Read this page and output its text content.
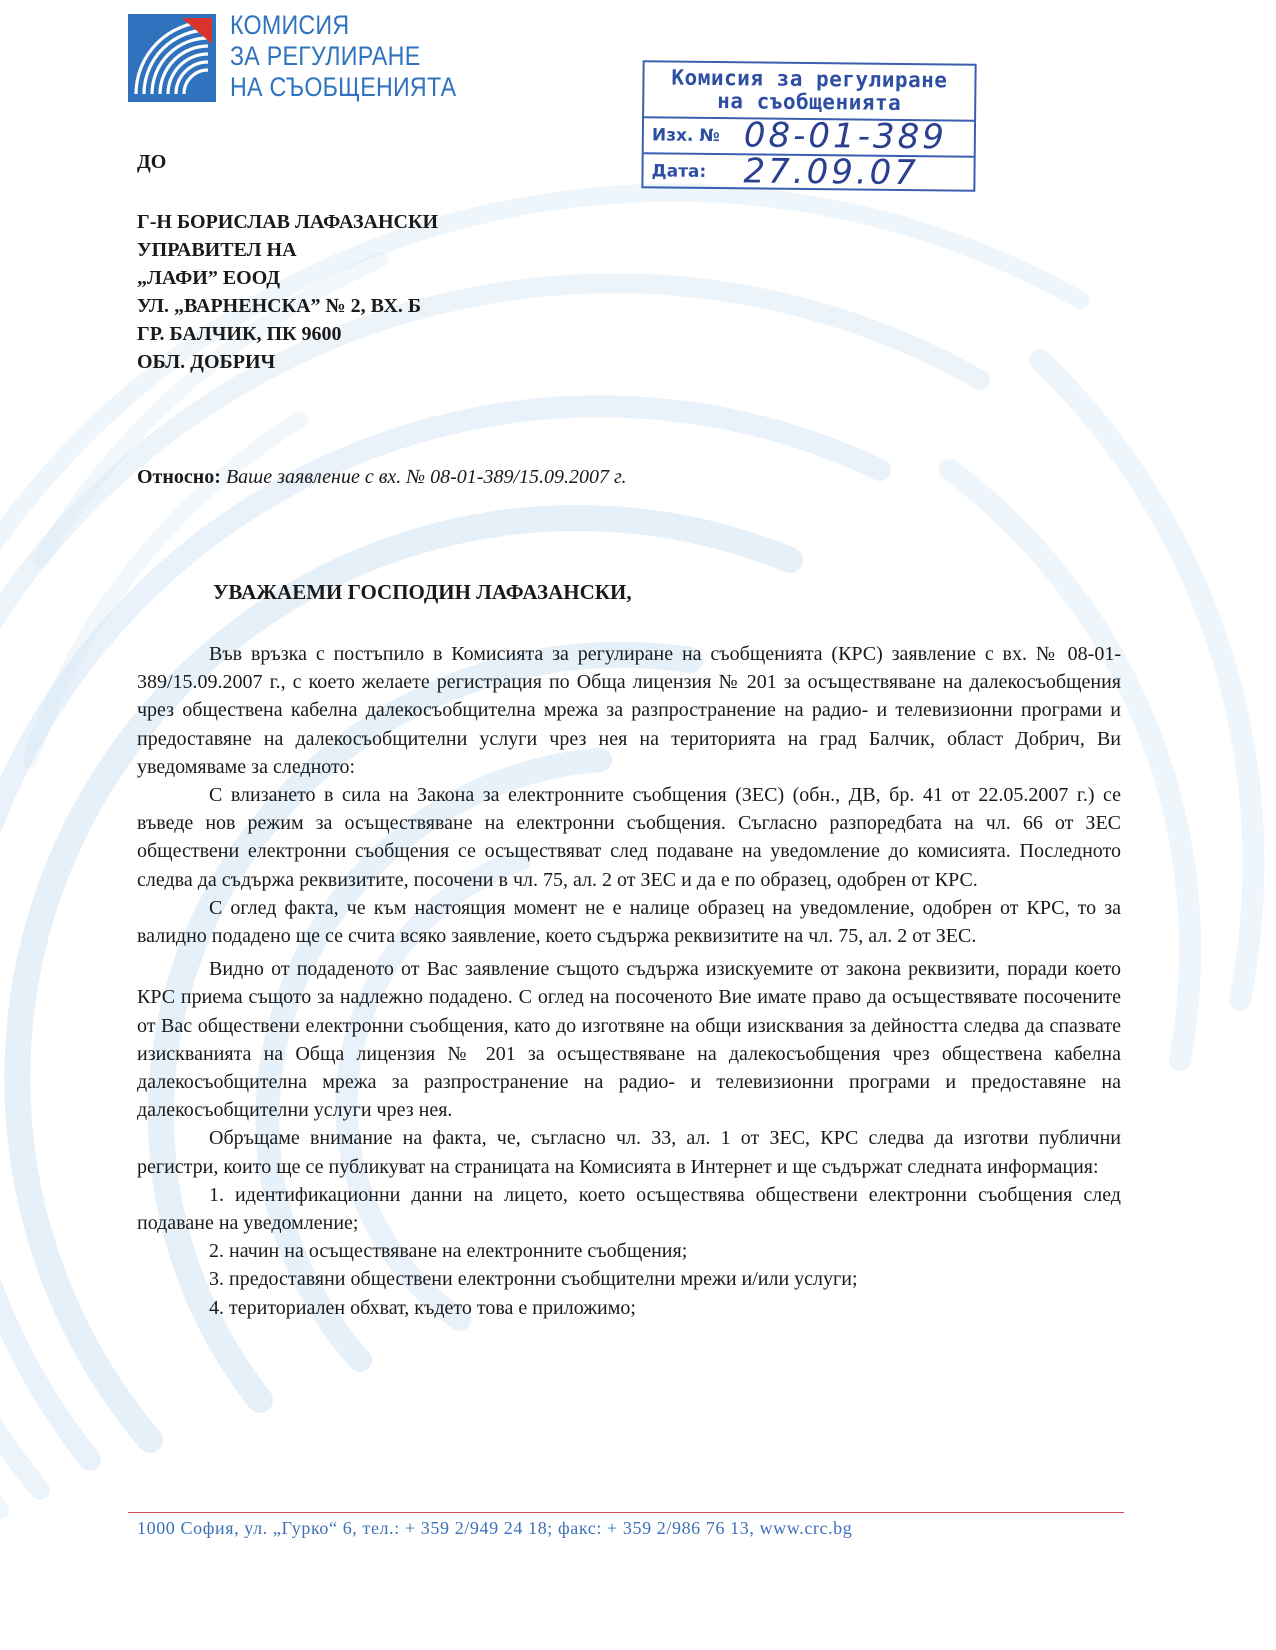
КОМИСИЯ
ЗА РЕГУЛИРАНЕ
НА СЪОБЩЕНИЯТА	Комисия за регулиране
на съобщенията
Изх. № 08-01-389
Дата: 27.09.07
ДО
Г-Н БОРИСЛАВ ЛАФАЗАНСКИ
УПРАВИТЕЛ НА
„ЛАФИ” ЕООД
УЛ. „ВАРНЕНСКА” № 2, ВХ. Б
ГР. БАЛЧИК, ПК 9600
ОБЛ. ДОБРИЧ
Относно: Ваше заявление с вх. № 08-01-389/15.09.2007 г.
УВАЖАЕМИ ГОСПОДИН ЛАФАЗАНСКИ,

Във връзка с постъпило в Комисията за регулиране на съобщенията (КРС) заявление с вх. № 08-01-389/15.09.2007 г., с което желаете регистрация по Обща лицензия № 201 за осъществяване на далекосъобщения чрез обществена кабелна далекосъобщителна мрежа за разпространение на радио- и телевизионни програми и предоставяне на далекосъобщителни услуги чрез нея на територията на град Балчик, област Добрич, Ви уведомяваме за следното:

С влизането в сила на Закона за електронните съобщения (ЗЕС) (обн., ДВ, бр. 41 от 22.05.2007 г.) се въведе нов режим за осъществяване на електронни съобщения. Съгласно разпоредбата на чл. 66 от ЗЕС обществени електронни съобщения се осъществяват след подаване на уведомление до комисията. Последното следва да съдържа реквизитите, посочени в чл. 75, ал. 2 от ЗЕС и да е по образец, одобрен от КРС.

С оглед факта, че към настоящия момент не е налице образец на уведомление, одобрен от КРС, то за валидно подадено ще се счита всяко заявление, което съдържа реквизитите на чл. 75, ал. 2 от ЗЕС.

Видно от подаденото от Вас заявление същото съдържа изискуемите от закона реквизити, поради което КРС приема същото за надлежно подадено. С оглед на посоченото Вие имате право да осъществявате посочените от Вас обществени електронни съобщения, като до изготвяне на общи изисквания за дейността следва да спазвате изискванията на Обща лицензия № 201 за осъществяване на далекосъобщения чрез обществена кабелна далекосъобщителна мрежа за разпространение на радио- и телевизионни програми и предоставяне на далекосъобщителни услуги чрез нея.

Обръщаме внимание на факта, че, съгласно чл. 33, ал. 1 от ЗЕС, КРС следва да изготви публични регистри, които ще се публикуват на страницата на Комисията в Интернет и ще съдържат следната информация:

1. идентификационни данни на лицето, което осъществява обществени електронни съобщения след подаване на уведомление;

2. начин на осъществяване на електронните съобщения;

3. предоставяни обществени електронни съобщителни мрежи и/или услуги;

4. териториален обхват, където това е приложимо;

1000 София, ул. „Гурко“ 6, тел.: + 359 2/949 24 18; факс: + 359 2/986 76 13, www.crc.bg
